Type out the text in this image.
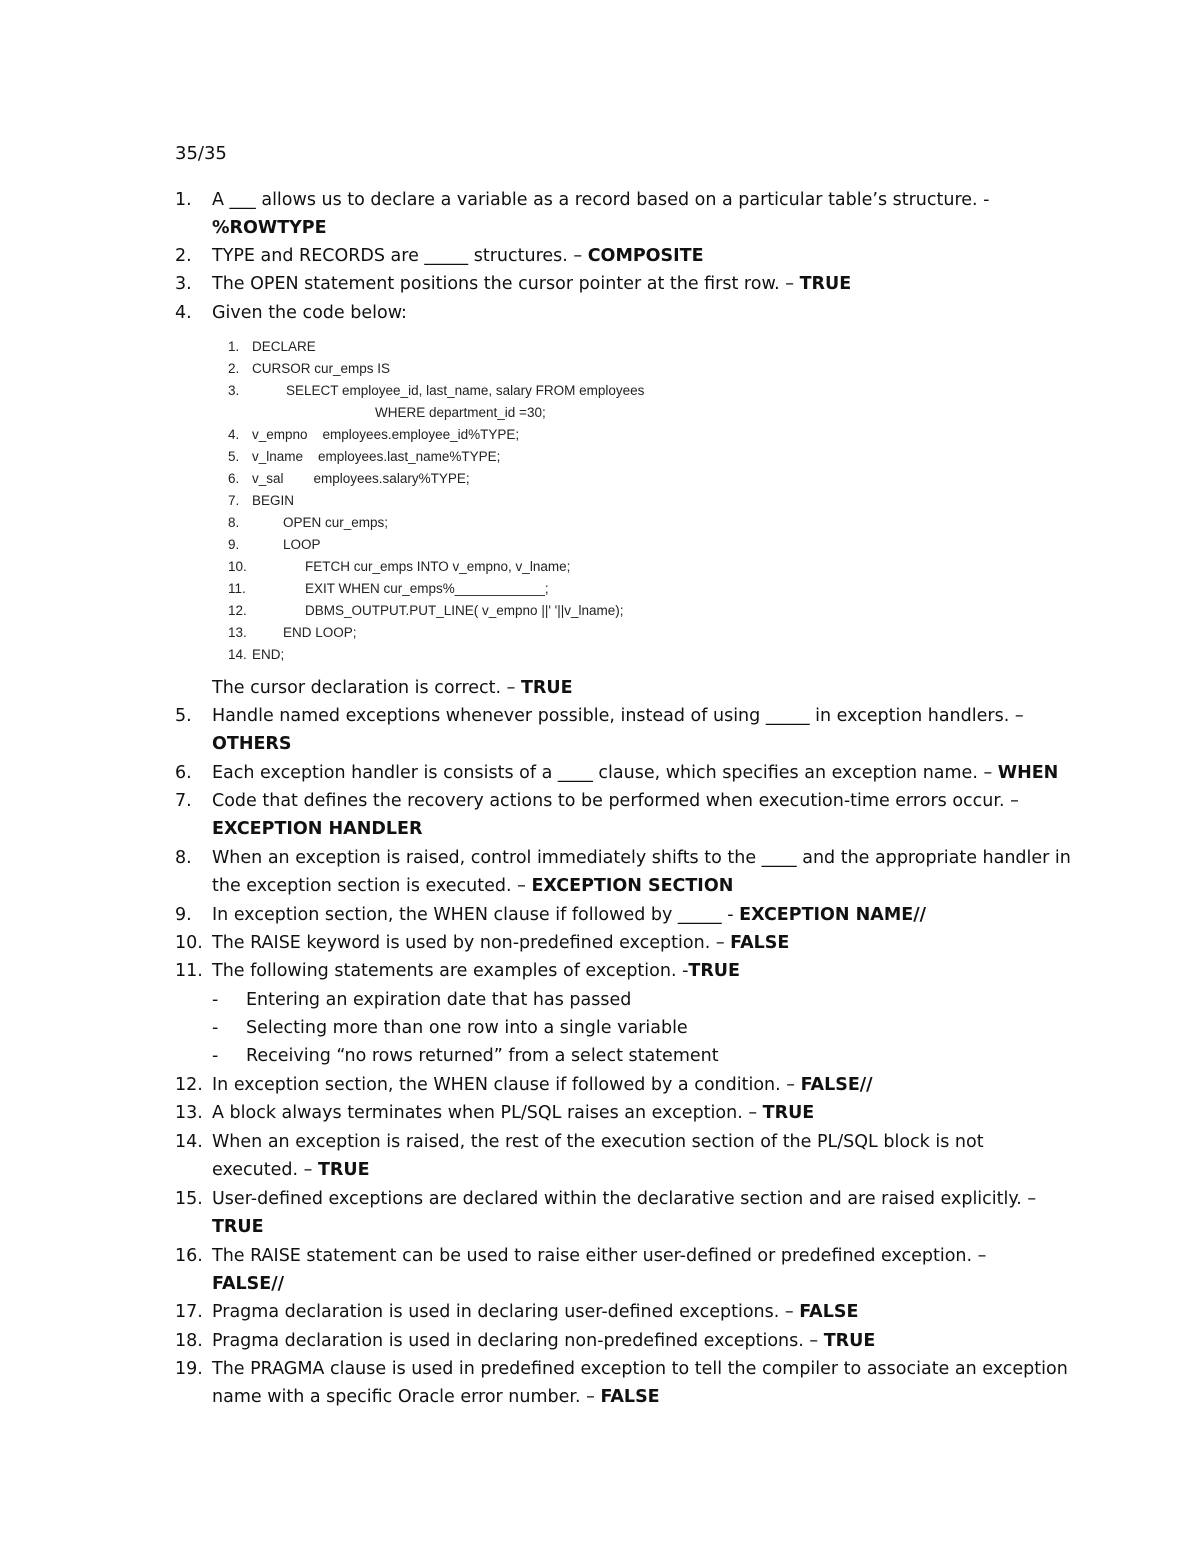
35/35
1. A ___ allows us to declare a variable as a record based on a particular table’s structure. -
%ROWTYPE
2. TYPE and RECORDS are _____ structures. – COMPOSITE
3. The OPEN statement positions the cursor pointer at the first row. – TRUE
4. Given the code below:
1. DECLARE
2. CURSOR cur_emps IS
3.	SELECT employee_id, last_name, salary FROM employees
WHERE department_id =30;
4. v_empno    employees.employee_id%TYPE;
5. v_lname    employees.last_name%TYPE;
6. v_sal        employees.salary%TYPE;
7. BEGIN
8.	OPEN cur_emps;
9.	LOOP
10.	FETCH cur_emps INTO v_empno, v_lname;
11.	EXIT WHEN cur_emps%____________;
12.	DBMS_OUTPUT.PUT_LINE( v_empno ||' '||v_lname);
13.	END LOOP;
14. END;
The cursor declaration is correct. – TRUE
5. Handle named exceptions whenever possible, instead of using _____ in exception handlers. –
OTHERS
6. Each exception handler is consists of a ____ clause, which specifies an exception name. – WHEN
7. Code that defines the recovery actions to be performed when execution-time errors occur. –
EXCEPTION HANDLER
8. When an exception is raised, control immediately shifts to the ____ and the appropriate handler in the exception section is executed. – EXCEPTION SECTION
9. In exception section, the WHEN clause if followed by _____ - EXCEPTION NAME//
10. The RAISE keyword is used by non-predefined exception. – FALSE
11. The following statements are examples of exception. -TRUE
- Entering an expiration date that has passed
- Selecting more than one row into a single variable
- Receiving “no rows returned” from a select statement
12. In exception section, the WHEN clause if followed by a condition. – FALSE//
13. A block always terminates when PL/SQL raises an exception. – TRUE
14. When an exception is raised, the rest of the execution section of the PL/SQL block is not executed. – TRUE
15. User-defined exceptions are declared within the declarative section and are raised explicitly. –
TRUE
16. The RAISE statement can be used to raise either user-defined or predefined exception. –
FALSE//
17. Pragma declaration is used in declaring user-defined exceptions. – FALSE
18. Pragma declaration is used in declaring non-predefined exceptions. – TRUE
19. The PRAGMA clause is used in predefined exception to tell the compiler to associate an exception name with a specific Oracle error number. – FALSE
